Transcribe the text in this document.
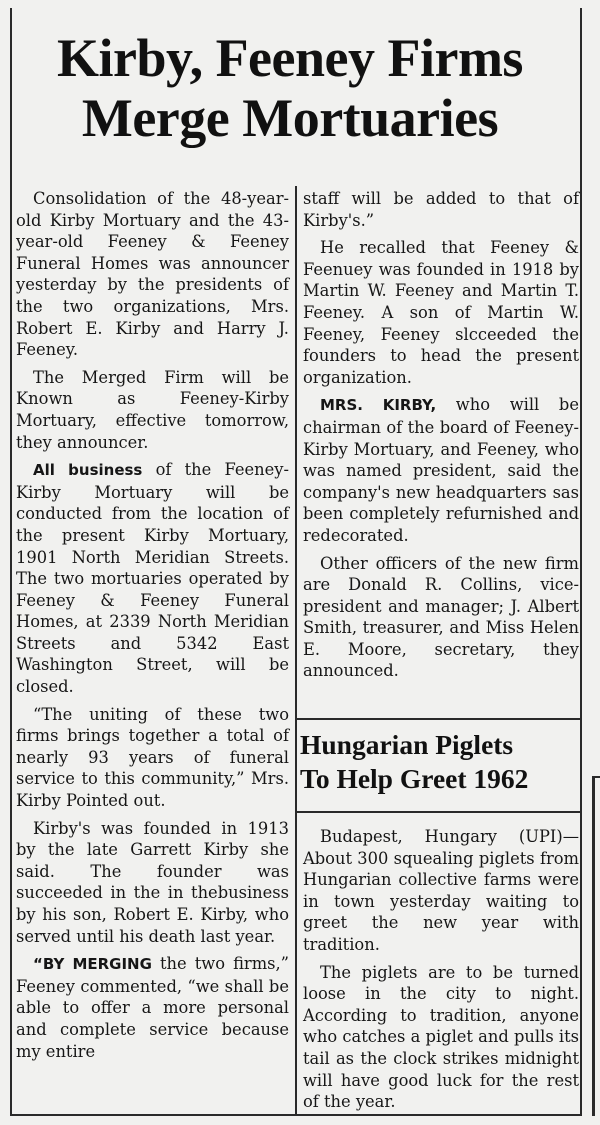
Kirby, Feeney Firms
Merge Mortuaries

Consolidation of the 48-year-old Kirby Mortuary and the 43-year-old Feeney & Feeney Funeral Homes was announcer yesterday by the presidents of the two organizations, Mrs. Robert E. Kirby and Harry J. Feeney.

The Merged Firm will be Known as Feeney-Kirby Mortuary, effective tomorrow, they announcer.

All business of the Feeney-Kirby Mortuary will be conducted from the location of the present Kirby Mortuary, 1901 North Meridian Streets. The two mortuaries operated by Feeney & Feeney Funeral Homes, at 2339 North Meridian Streets and 5342 East Washington Street, will be closed.

“The uniting of these two firms brings together a total of nearly 93 years of funeral service to this community,” Mrs. Kirby Pointed out.

Kirby's was founded in 1913 by the late Garrett Kirby she said. The founder was succeeded in the in thebusiness by his son, Robert E. Kirby, who served until his death last year.

“BY MERGING the two firms,” Feeney commented, “we shall be able to offer a more personal and complete service because my entire

staff will be added to that of Kirby's.”

He recalled that Feeney & Feenuey was founded in 1918 by Martin W. Feeney and Martin T. Feeney. A son of Martin W. Feeney, Feeney slcceeded the founders to head the present organization.

MRS. KIRBY, who will be chairman of the board of Feeney-Kirby Mortuary, and Feeney, who was named president, said the company's new headquarters sas been completely refurnished and redecorated.

Other officers of the new firm are Donald R. Collins, vice-president and manager; J. Albert Smith, treasurer, and Miss Helen E. Moore, secretary, they announced.

Hungarian Piglets
To Help Greet 1962

Budapest, Hungary (UPI)— About 300 squealing piglets from Hungarian collective farms were in town yesterday waiting to greet the new year with tradition.

The piglets are to be turned loose in the city to night. According to tradition, anyone who catches a piglet and pulls its tail as the clock strikes midnight will have good luck for the rest of the year.
